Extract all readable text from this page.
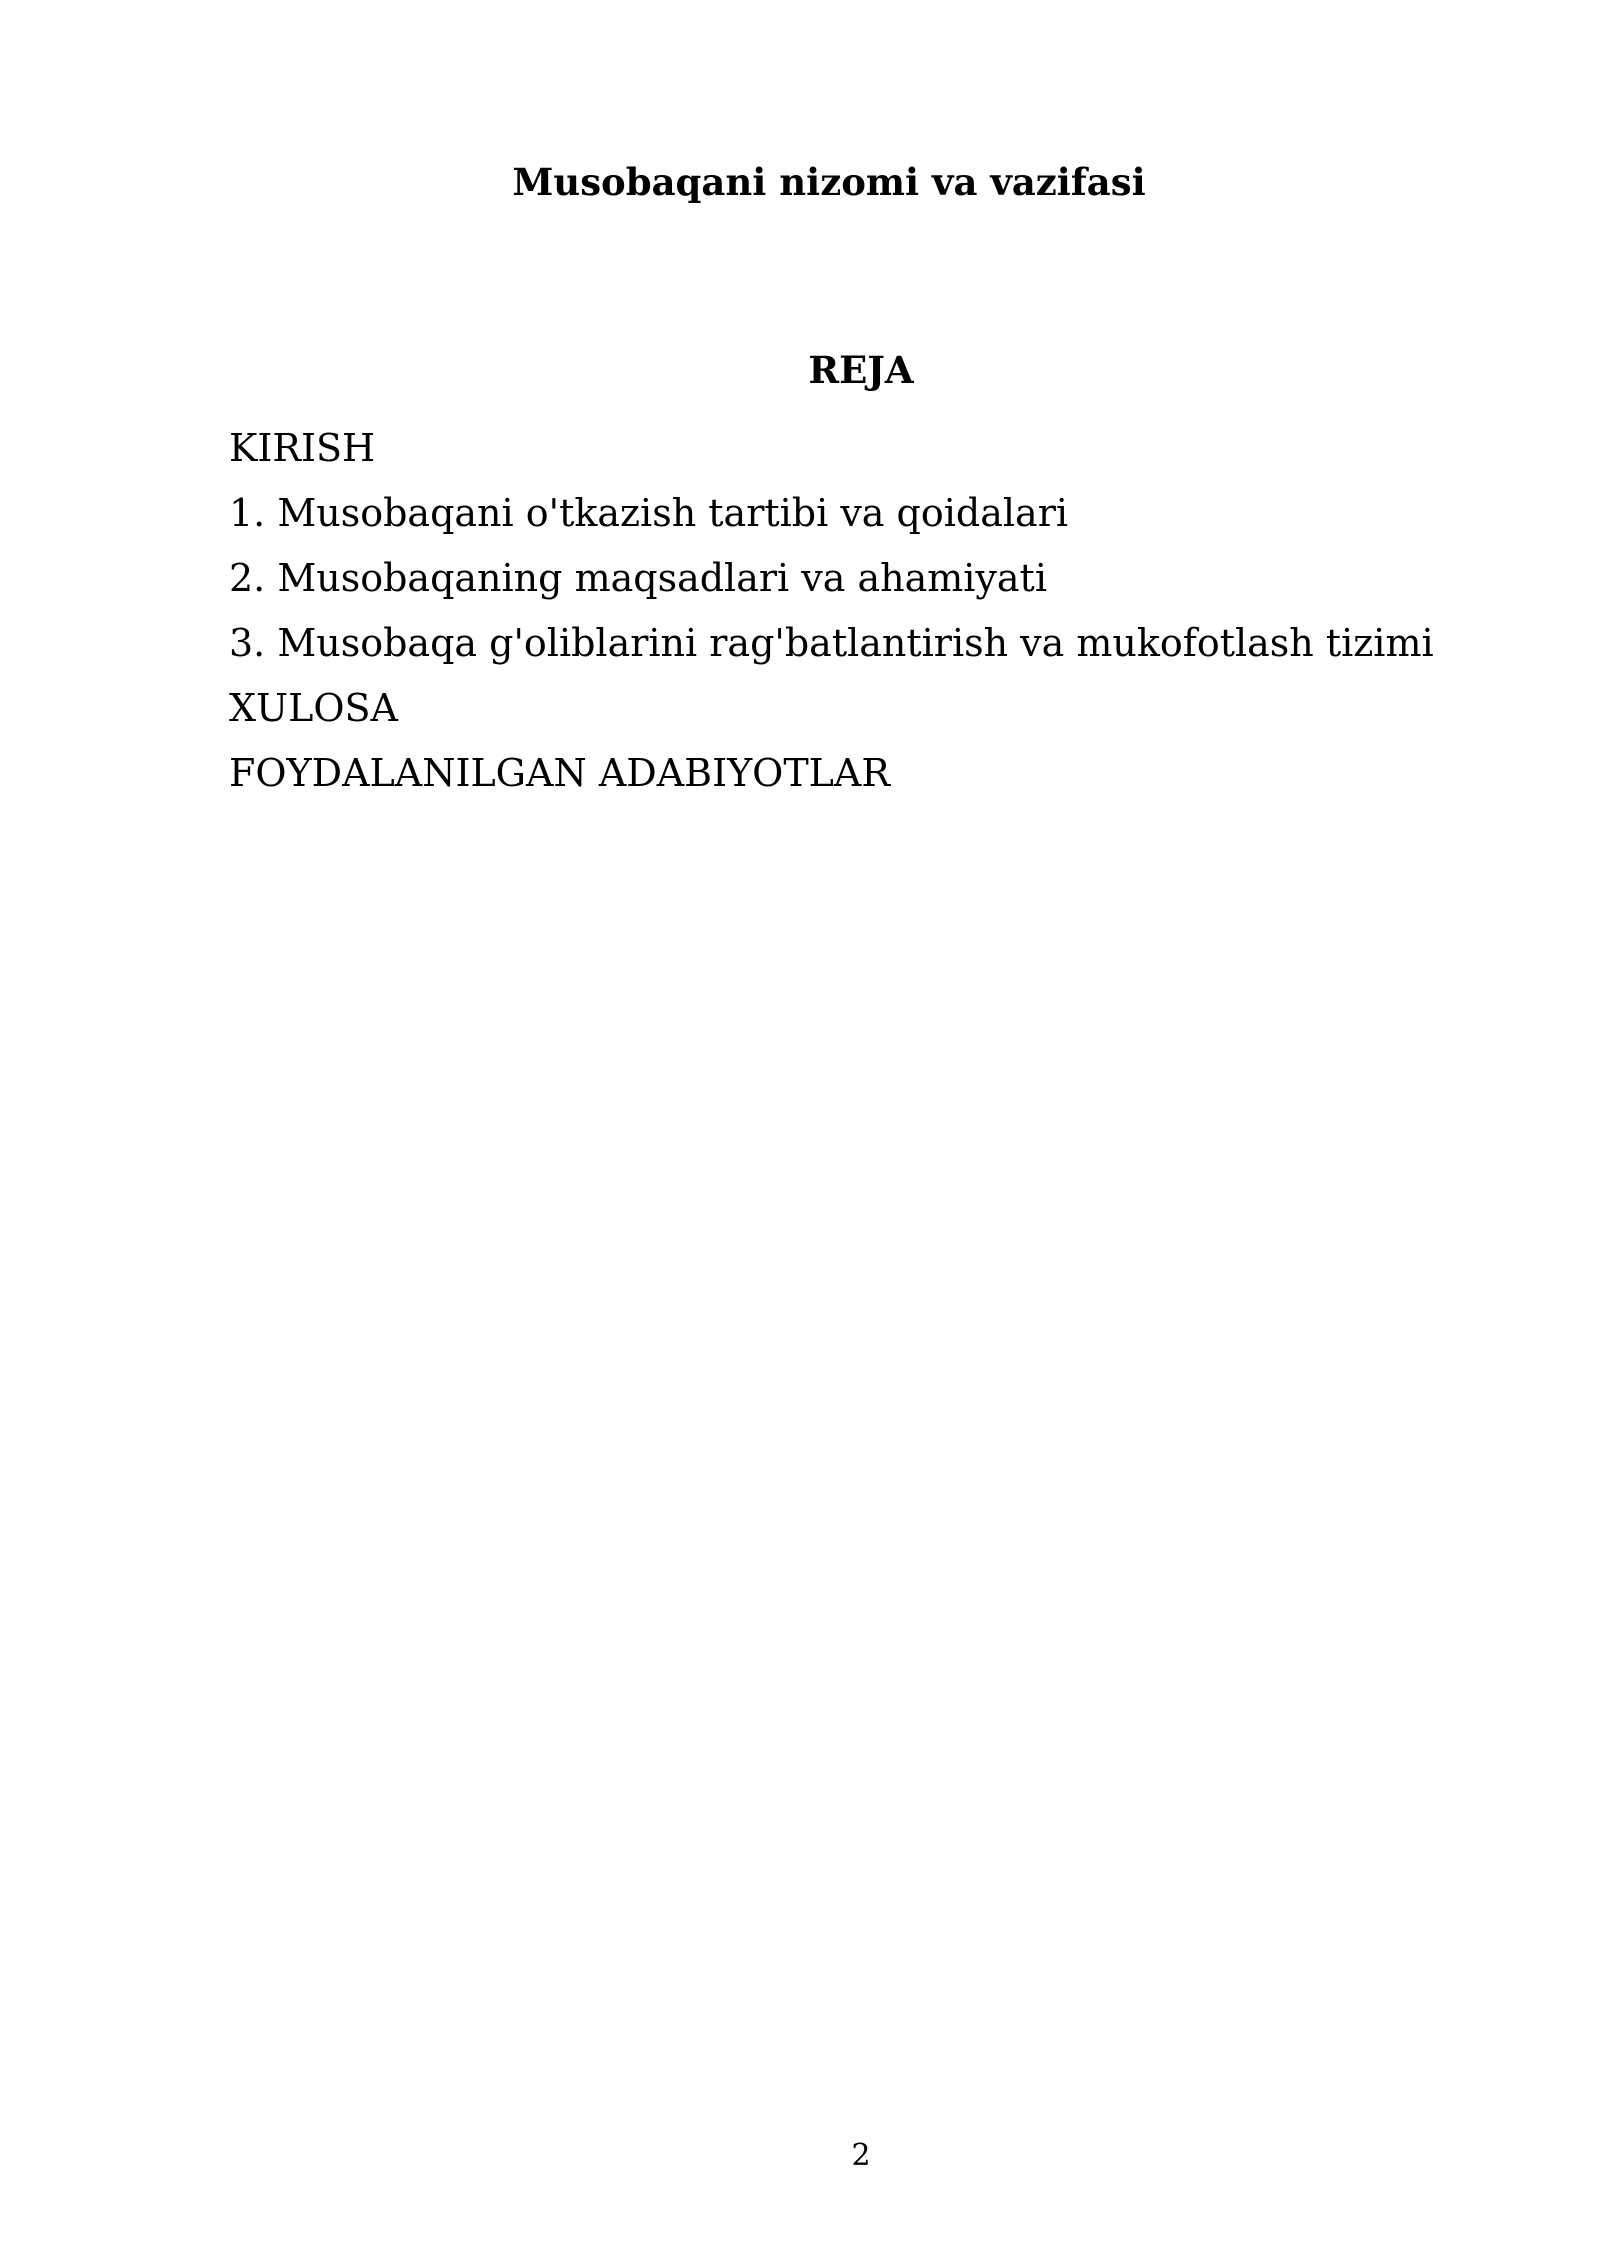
Musobaqani nizomi va vazifasi
REJA
KIRISH
1. Musobaqani o'tkazish tartibi va qoidalari
2. Musobaqaning maqsadlari va ahamiyati
3. Musobaqa g'oliblarini rag'batlantirish va mukofotlash tizimi
XULOSA
FOYDALANILGAN ADABIYOTLAR
2
